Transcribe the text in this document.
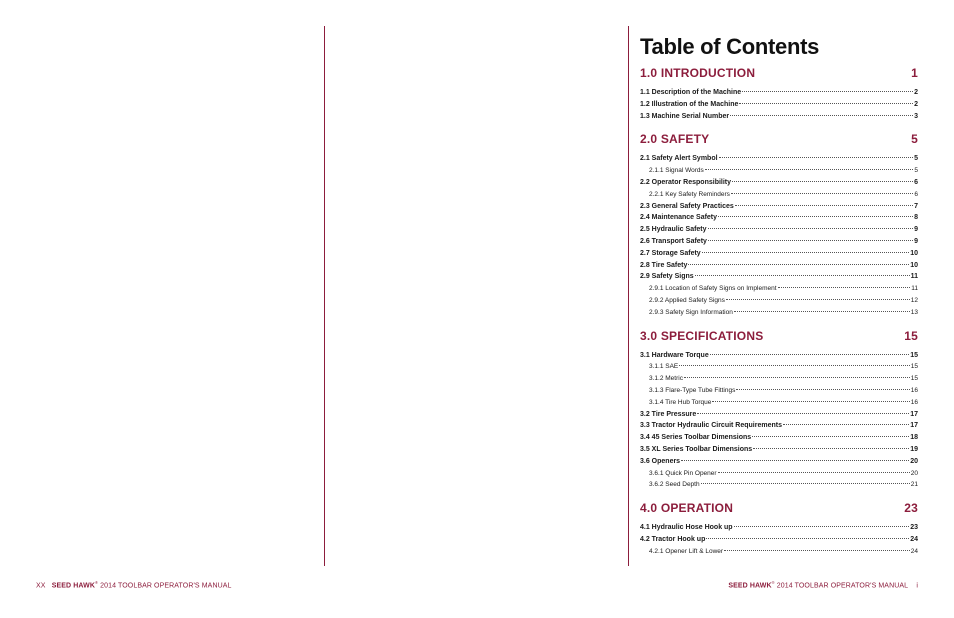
Table of Contents
1.0 INTRODUCTION	1
1.1 Description of the Machine	2
1.2 Illustration of the Machine	2
1.3 Machine Serial Number	3
2.0 SAFETY	5
2.1 Safety Alert Symbol	5
2.1.1 Signal Words	5
2.2 Operator Responsibility	6
2.2.1 Key Safety Reminders	6
2.3 General Safety Practices	7
2.4 Maintenance Safety	8
2.5 Hydraulic Safety	9
2.6 Transport Safety	9
2.7 Storage Safety	10
2.8 Tire Safety	10
2.9 Safety Signs	11
2.9.1 Location of Safety Signs on Implement	11
2.9.2 Applied Safety Signs	12
2.9.3 Safety Sign Information	13
3.0 SPECIFICATIONS	15
3.1 Hardware Torque	15
3.1.1 SAE	15
3.1.2 Metric	15
3.1.3 Flare-Type Tube Fittings	16
3.1.4 Tire Hub Torque	16
3.2 Tire Pressure	17
3.3 Tractor Hydraulic Circuit Requirements	17
3.4 45 Series Toolbar Dimensions	18
3.5 XL Series Toolbar Dimensions	19
3.6 Openers	20
3.6.1 Quick Pin Opener	20
3.6.2 Seed Depth	21
4.0 OPERATION	23
4.1 Hydraulic Hose Hook up	23
4.2 Tractor Hook up	24
4.2.1 Opener Lift & Lower	24
XX SEED HAWK® 2014 TOOLBAR OPERATOR'S MANUAL	SEED HAWK® 2014 TOOLBAR OPERATOR'S MANUAL i
